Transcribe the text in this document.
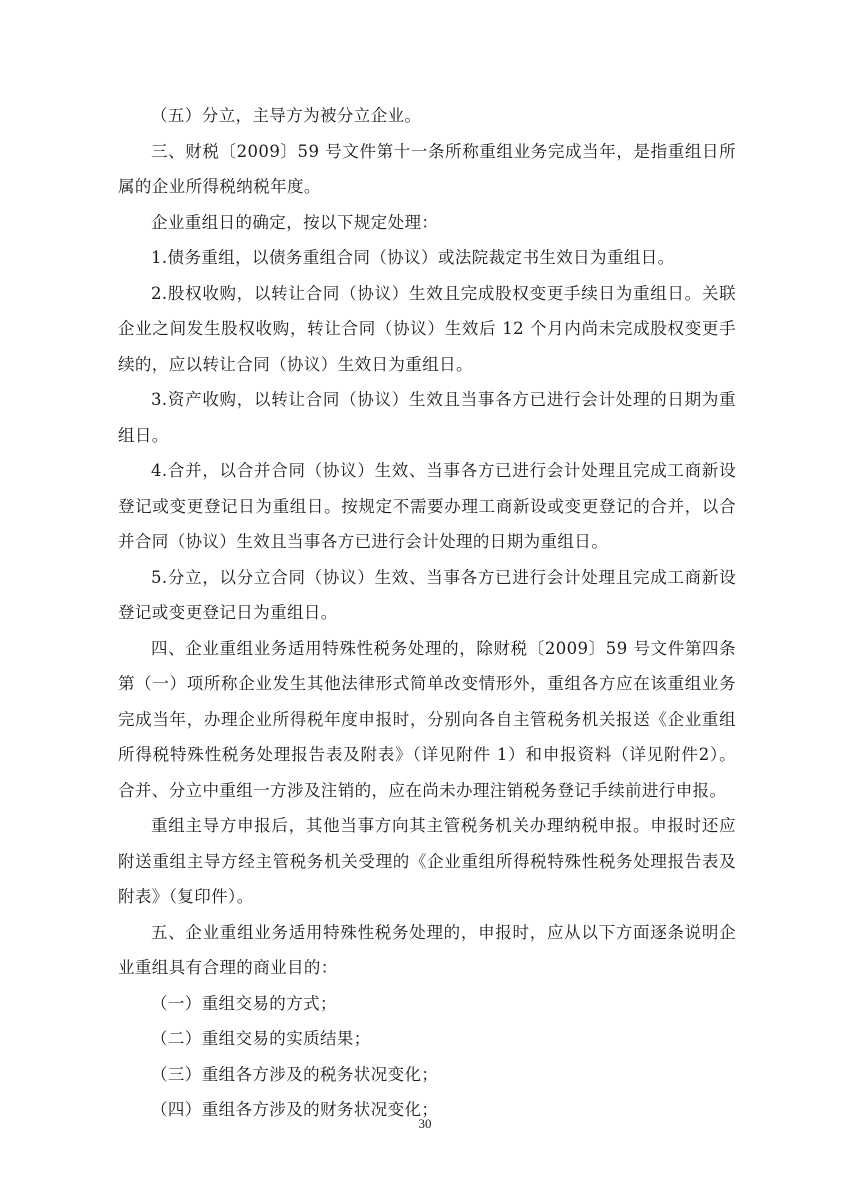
（五）分立，主导方为被分立企业。

三、财税〔2009〕59 号文件第十一条所称重组业务完成当年，是指重组日所属的企业所得税纳税年度。

企业重组日的确定，按以下规定处理：

1.债务重组，以债务重组合同（协议）或法院裁定书生效日为重组日。

2.股权收购，以转让合同（协议）生效且完成股权变更手续日为重组日。关联企业之间发生股权收购，转让合同（协议）生效后 12 个月内尚未完成股权变更手续的，应以转让合同（协议）生效日为重组日。

3.资产收购，以转让合同（协议）生效且当事各方已进行会计处理的日期为重组日。

4.合并，以合并合同（协议）生效、当事各方已进行会计处理且完成工商新设登记或变更登记日为重组日。按规定不需要办理工商新设或变更登记的合并，以合并合同（协议）生效且当事各方已进行会计处理的日期为重组日。

5.分立，以分立合同（协议）生效、当事各方已进行会计处理且完成工商新设登记或变更登记日为重组日。

四、企业重组业务适用特殊性税务处理的，除财税〔2009〕59 号文件第四条第（一）项所称企业发生其他法律形式简单改变情形外，重组各方应在该重组业务完成当年，办理企业所得税年度申报时，分别向各自主管税务机关报送《企业重组所得税特殊性税务处理报告表及附表》（详见附件 1）和申报资料（详见附件2）。合并、分立中重组一方涉及注销的，应在尚未办理注销税务登记手续前进行申报。

重组主导方申报后，其他当事方向其主管税务机关办理纳税申报。申报时还应附送重组主导方经主管税务机关受理的《企业重组所得税特殊性税务处理报告表及附表》（复印件）。

五、企业重组业务适用特殊性税务处理的，申报时，应从以下方面逐条说明企业重组具有合理的商业目的：

（一）重组交易的方式；

（二）重组交易的实质结果；

（三）重组各方涉及的税务状况变化；

（四）重组各方涉及的财务状况变化；

30
